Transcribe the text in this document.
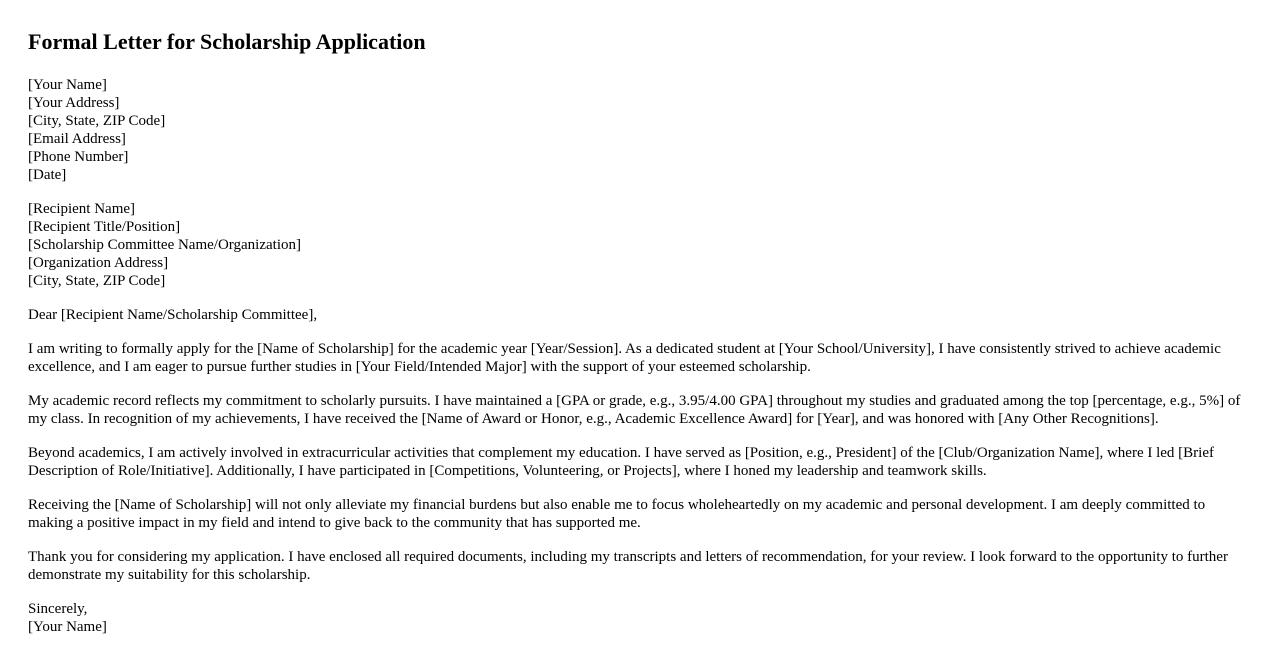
Formal Letter for Scholarship Application
[Your Name]
[Your Address]
[City, State, ZIP Code]
[Email Address]
[Phone Number]
[Date]
[Recipient Name]
[Recipient Title/Position]
[Scholarship Committee Name/Organization]
[Organization Address]
[City, State, ZIP Code]

Dear [Recipient Name/Scholarship Committee],

I am writing to formally apply for the [Name of Scholarship] for the academic year [Year/Session]. As a dedicated student at [Your School/University], I have consistently strived to achieve academic excellence, and I am eager to pursue further studies in [Your Field/Intended Major] with the support of your esteemed scholarship.

My academic record reflects my commitment to scholarly pursuits. I have maintained a [GPA or grade, e.g., 3.95/4.00 GPA] throughout my studies and graduated among the top [percentage, e.g., 5%] of my class. In recognition of my achievements, I have received the [Name of Award or Honor, e.g., Academic Excellence Award] for [Year], and was honored with [Any Other Recognitions].

Beyond academics, I am actively involved in extracurricular activities that complement my education. I have served as [Position, e.g., President] of the [Club/Organization Name], where I led [Brief Description of Role/Initiative]. Additionally, I have participated in [Competitions, Volunteering, or Projects], where I honed my leadership and teamwork skills.

Receiving the [Name of Scholarship] will not only alleviate my financial burdens but also enable me to focus wholeheartedly on my academic and personal development. I am deeply committed to making a positive impact in my field and intend to give back to the community that has supported me.

Thank you for considering my application. I have enclosed all required documents, including my transcripts and letters of recommendation, for your review. I look forward to the opportunity to further demonstrate my suitability for this scholarship.

Sincerely,
[Your Name]
